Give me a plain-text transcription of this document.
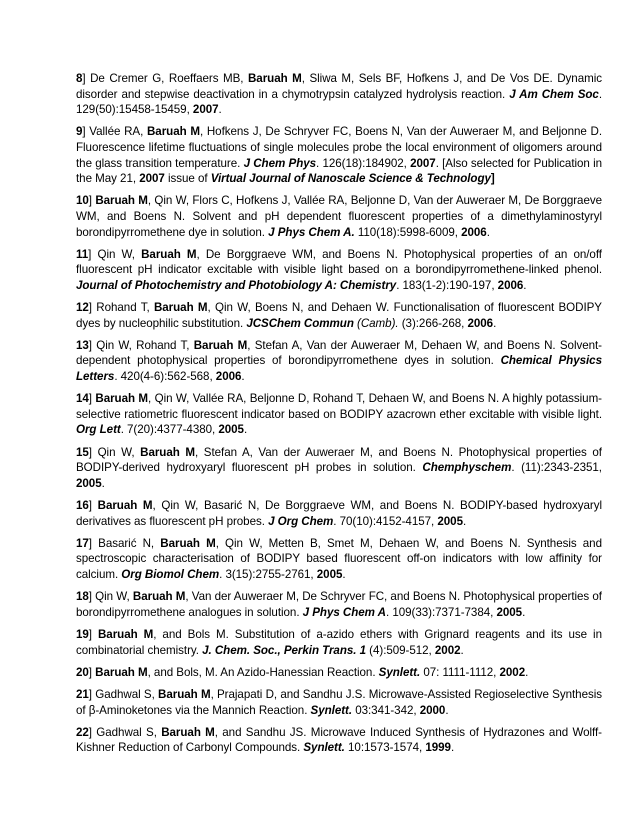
8] De Cremer G, Roeffaers MB, Baruah M, Sliwa M, Sels BF, Hofkens J, and De Vos DE. Dynamic disorder and stepwise deactivation in a chymotrypsin catalyzed hydrolysis reaction. J Am Chem Soc. 129(50):15458-15459, 2007.

9] Vallée RA, Baruah M, Hofkens J, De Schryver FC, Boens N, Van der Auweraer M, and Beljonne D. Fluorescence lifetime fluctuations of single molecules probe the local environment of oligomers around the glass transition temperature. J Chem Phys. 126(18):184902, 2007. [Also selected for Publication in the May 21, 2007 issue of Virtual Journal of Nanoscale Science & Technology]

10] Baruah M, Qin W, Flors C, Hofkens J, Vallée RA, Beljonne D, Van der Auweraer M, De Borggraeve WM, and Boens N. Solvent and pH dependent fluorescent properties of a dimethylaminostyryl borondipyrromethene dye in solution. J Phys Chem A. 110(18):5998-6009, 2006.

11] Qin W, Baruah M, De Borggraeve WM, and Boens N. Photophysical properties of an on/off fluorescent pH indicator excitable with visible light based on a borondipyrromethene-linked phenol. Journal of Photochemistry and Photobiology A: Chemistry. 183(1-2):190-197, 2006.

12] Rohand T, Baruah M, Qin W, Boens N, and Dehaen W. Functionalisation of fluorescent BODIPY dyes by nucleophilic substitution. JCSChem Commun (Camb). (3):266-268, 2006.

13] Qin W, Rohand T, Baruah M, Stefan A, Van der Auweraer M, Dehaen W, and Boens N. Solvent-dependent photophysical properties of borondipyrromethene dyes in solution. Chemical Physics Letters. 420(4-6):562-568, 2006.

14] Baruah M, Qin W, Vallée RA, Beljonne D, Rohand T, Dehaen W, and Boens N. A highly potassium-selective ratiometric fluorescent indicator based on BODIPY azacrown ether excitable with visible light. Org Lett. 7(20):4377-4380, 2005.

15] Qin W, Baruah M, Stefan A, Van der Auweraer M, and Boens N. Photophysical properties of BODIPY-derived hydroxyaryl fluorescent pH probes in solution. Chemphyschem. (11):2343-2351, 2005.

16] Baruah M, Qin W, Basarić N, De Borggraeve WM, and Boens N. BODIPY-based hydroxyaryl derivatives as fluorescent pH probes. J Org Chem. 70(10):4152-4157, 2005.

17] Basarić N, Baruah M, Qin W, Metten B, Smet M, Dehaen W, and Boens N. Synthesis and spectroscopic characterisation of BODIPY based fluorescent off-on indicators with low affinity for calcium. Org Biomol Chem. 3(15):2755-2761, 2005.

18] Qin W, Baruah M, Van der Auweraer M, De Schryver FC, and Boens N. Photophysical properties of borondipyrromethene analogues in solution. J Phys Chem A. 109(33):7371-7384, 2005.

19] Baruah M, and Bols M. Substitution of a-azido ethers with Grignard reagents and its use in combinatorial chemistry. J. Chem. Soc., Perkin Trans. 1 (4):509-512, 2002.

20] Baruah M, and Bols, M. An Azido-Hanessian Reaction. Synlett. 07: 1111-1112, 2002.

21] Gadhwal S, Baruah M, Prajapati D, and Sandhu J.S. Microwave-Assisted Regioselective Synthesis of β-Aminoketones via the Mannich Reaction. Synlett. 03:341-342, 2000.

22] Gadhwal S, Baruah M, and Sandhu JS. Microwave Induced Synthesis of Hydrazones and Wolff-Kishner Reduction of Carbonyl Compounds. Synlett. 10:1573-1574, 1999.
